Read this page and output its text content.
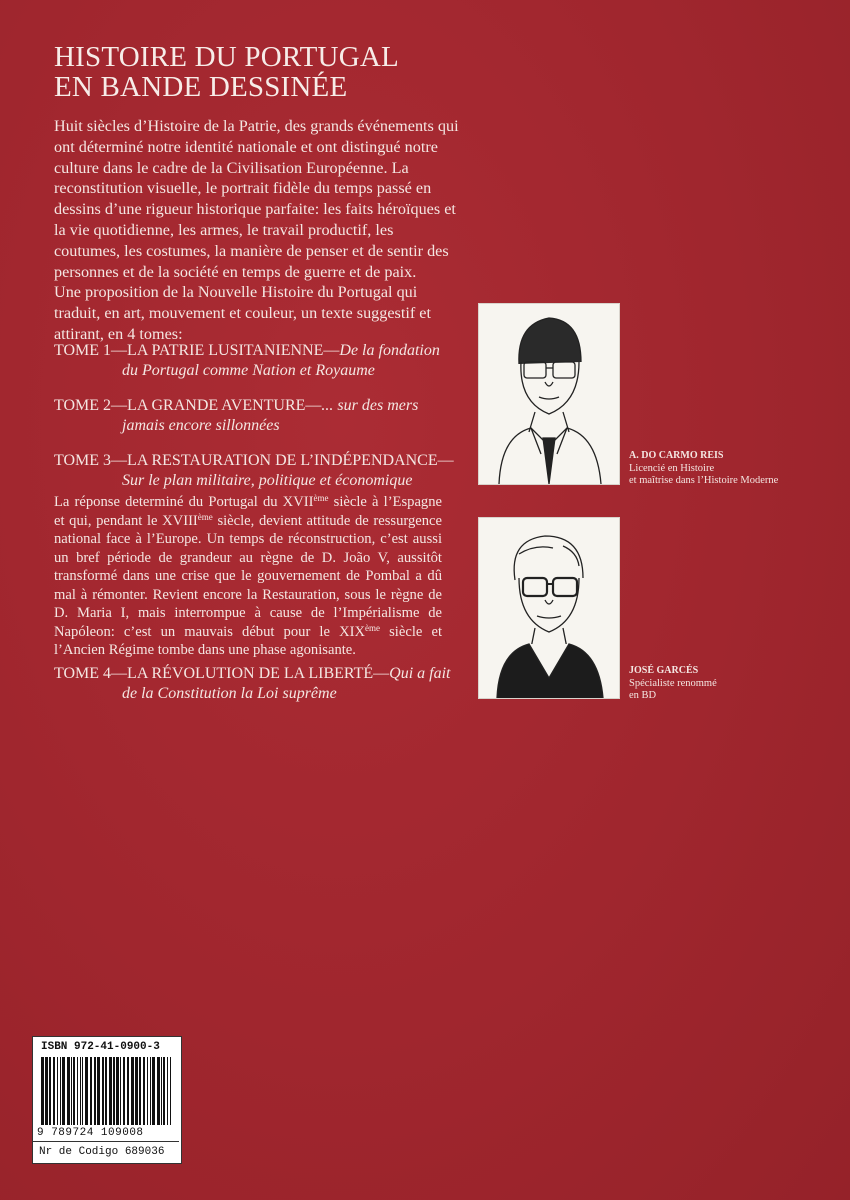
HISTOIRE DU PORTUGAL
EN BANDE DESSINÉE

Huit siècles d’Histoire de la Patrie, des grands événements qui
ont déterminé notre identité nationale et ont distingué notre
culture dans le cadre de la Civilisation Européenne. La
reconstitution visuelle, le portrait fidèle du temps passé en
dessins d’une rigueur historique parfaite: les faits héroïques et
la vie quotidienne, les armes, le travail productif, les
coutumes, les costumes, la manière de penser et de sentir des
personnes et de la société en temps de guerre et de paix.
Une proposition de la Nouvelle Histoire du Portugal qui
traduit, en art, mouvement et couleur, un texte suggestif et
attirant, en 4 tomes:

TOME 1—LA PATRIE LUSITANIENNE—De la fondation
du Portugal comme Nation et Royaume
TOME 2—LA GRANDE AVENTURE—... sur des mers
jamais encore sillonnées
TOME 3—LA RESTAURATION DE L’INDÉPENDANCE—
Sur le plan militaire, politique et économique

La réponse determiné du Portugal du XVIIème siècle à l’Espagne et qui, pendant le XVIIIème siècle, devient attitude de ressurgence national face à l’Europe. Un temps de réconstruction, c’est aussi un bref période de grandeur au règne de D. João V, aussitôt transformé dans une crise que le gouvernement de Pombal a dû mal à rémonter. Revient encore la Restauration, sous le règne de D. Maria I, mais interrompue à cause de l’Impérialisme de Napóleon: c’est un mauvais début pour le XIXème siècle et l’Ancien Régime tombe dans une phase agonisante.

TOME 4—LA RÉVOLUTION DE LA LIBERTÉ—Qui a fait
de la Constitution la Loi suprême
A. DO CARMO REIS
Licencié en Histoire
et maîtrise dans l’Histoire Moderne
JOSÉ GARCÉS
Spécialiste renommé
en BD
ISBN 972-41-0900-3
9 789724 109008
Nr de Codigo 689036
